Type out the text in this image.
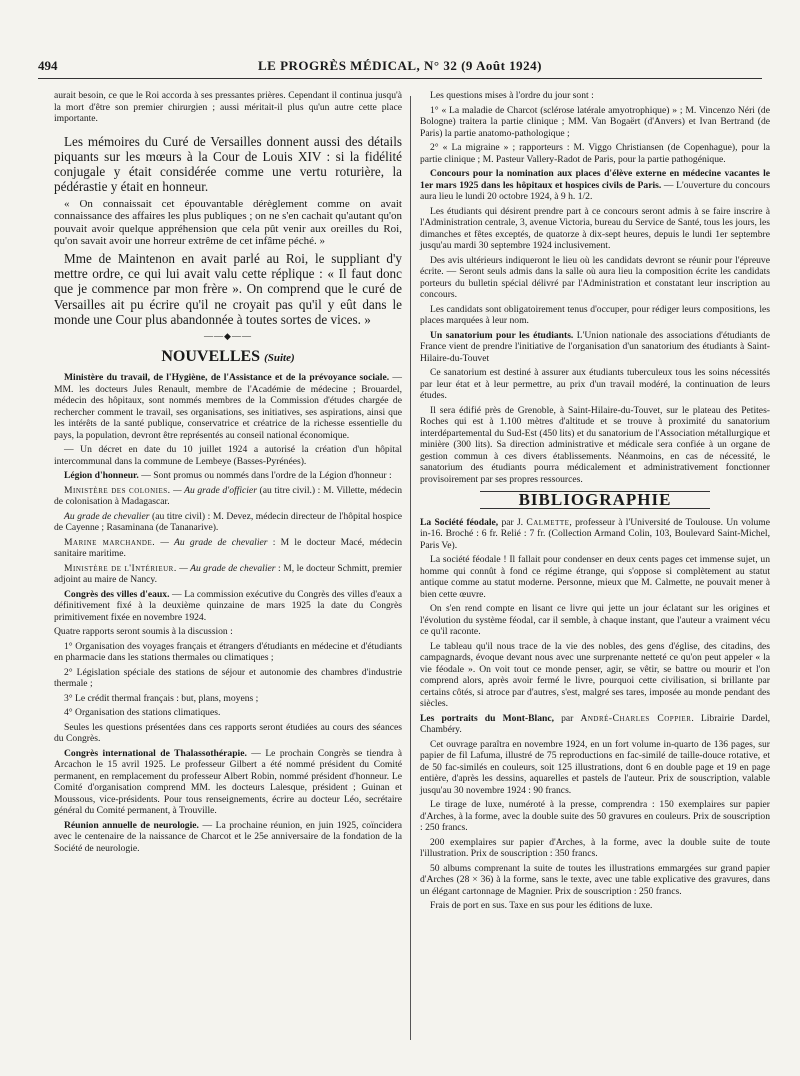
494	LE PROGRÈS MÉDICAL, N° 32 (9 Août 1924)

aurait besoin, ce que le Roi accorda à ses pressantes prières. Cependant il continua jusqu'à la mort d'être son premier chirurgien ; aussi méritait-il plus qu'un autre cette place importante.

Les mémoires du Curé de Versailles donnent aussi des détails piquants sur les mœurs à la Cour de Louis XIV : si la fidélité conjugale y était considérée comme une vertu roturière, la pédérastie y était en honneur.

« On connaissait cet épouvantable dérèglement comme on avait connaissance des affaires les plus publiques ; on ne s'en cachait qu'autant qu'on pouvait avoir quelque appréhension que cela pût venir aux oreilles du Roi, qu'on savait avoir une horreur extrême de cet infâme péché. »

Mme de Maintenon en avait parlé au Roi, le suppliant d'y mettre ordre, ce qui lui avait valu cette réplique : « Il faut donc que je commence par mon frère ». On comprend que le curé de Versailles ait pu écrire qu'il ne croyait pas qu'il y eût dans le monde une Cour plus abandonnée à toutes sortes de vices. »

——◆——
NOUVELLES (Suite)

Ministère du travail, de l'Hygiène, de l'Assistance et de la prévoyance sociale. — MM. les docteurs Jules Renault, membre de l'Académie de médecine ; Brouardel, médecin des hôpitaux, sont nommés membres de la Commission d'études chargée de rechercher comment le travail, ses organisations, ses initiatives, ses aspirations, ainsi que les intérêts de la santé publique, conservatrice et créatrice de la richesse essentielle du pays, la population, devront être représentés au conseil national économique.

— Un décret en date du 10 juillet 1924 a autorisé la création d'un hôpital intercommunal dans la commune de Lembeye (Basses-Pyrénées).

Légion d'honneur. — Sont promus ou nommés dans l'ordre de la Légion d'honneur :

Ministère des colonies. — Au grade d'officier (au titre civil.) : M. Villette, médecin de colonisation à Madagascar.

Au grade de chevalier (au titre civil) : M. Devez, médecin directeur de l'hôpital hospice de Cayenne ; Rasaminana (de Tananarive).

Marine marchande. — Au grade de chevalier : M le docteur Macé, médecin sanitaire maritime.

Ministère de l'Intérieur. — Au grade de chevalier : M, le docteur Schmitt, premier adjoint au maire de Nancy.

Congrès des villes d'eaux. — La commission exécutive du Congrès des villes d'eaux a définitivement fixé à la deuxième quinzaine de mars 1925 la date du Congrès primitivement fixée en novembre 1924.

Quatre rapports seront soumis à la discussion :

1° Organisation des voyages français et étrangers d'étudiants en médecine et d'étudiants en pharmacie dans les stations thermales ou climatiques ;

2° Législation spéciale des stations de séjour et autonomie des chambres d'industrie thermale ;

3° Le crédit thermal français : but, plans, moyens ;

4° Organisation des stations climatiques.

Seules les questions présentées dans ces rapports seront étudiées au cours des séances du Congrès.

Congrès international de Thalassothérapie. — Le prochain Congrès se tiendra à Arcachon le 15 avril 1925. Le professeur Gilbert a été nommé président du Comité permanent, en remplacement du professeur Albert Robin, nommé président d'honneur. Le Comité d'organisation comprend MM. les docteurs Lalesque, président ; Guinan et Moussous, vice-présidents. Pour tous renseignements, écrire au docteur Léo, secrétaire général du Comité permanent, à Trouville.

Réunion annuelle de neurologie. — La prochaine réunion, en juin 1925, coïncidera avec le centenaire de la naissance de Charcot et le 25e anniversaire de la fondation de la Société de neurologie.

Les questions mises à l'ordre du jour sont :

1° « La maladie de Charcot (sclérose latérale amyotrophique) » ; M. Vincenzo Néri (de Bologne) traitera la partie clinique ; MM. Van Bogaërt (d'Anvers) et Ivan Bertrand (de Paris) la partie anatomo-pathologique ;

2° « La migraine » ; rapporteurs : M. Viggo Christiansen (de Copenhague), pour la partie clinique ; M. Pasteur Vallery-Radot de Paris, pour la partie pathogénique.

Concours pour la nomination aux places d'élève externe en médecine vacantes le 1er mars 1925 dans les hôpitaux et hospices civils de Paris. — L'ouverture du concours aura lieu le lundi 20 octobre 1924, à 9 h. 1/2.

Les étudiants qui désirent prendre part à ce concours seront admis à se faire inscrire à l'Administration centrale, 3, avenue Victoria, bureau du Service de Santé, tous les jours, les dimanches et fêtes exceptés, de quatorze à dix-sept heures, depuis le lundi 1er septembre jusqu'au mardi 30 septembre 1924 inclusivement.

Des avis ultérieurs indiqueront le lieu où les candidats devront se réunir pour l'épreuve écrite. — Seront seuls admis dans la salle où aura lieu la composition écrite les candidats porteurs du bulletin spécial délivré par l'Administration et constatant leur inscription au concours.

Les candidats sont obligatoirement tenus d'occuper, pour rédiger leurs compositions, les places marquées à leur nom.

Un sanatorium pour les étudiants. L'Union nationale des associations d'étudiants de France vient de prendre l'initiative de l'organisation d'un sanatorium des étudiants à Saint-Hilaire-du-Touvet

Ce sanatorium est destiné à assurer aux étudiants tuberculeux tous les soins nécessités par leur état et à leur permettre, au prix d'un travail modéré, la continuation de leurs études.

Il sera édifié près de Grenoble, à Saint-Hilaire-du-Touvet, sur le plateau des Petites-Roches qui est à 1.100 mètres d'altitude et se trouve à proximité du sanatorium interdépartemental du Sud-Est (450 lits) et du sanatorium de l'Association métallurgique et minière (300 lits). Sa direction administrative et médicale sera confiée à un organe de gestion commun à ces divers établissements. Néanmoins, en cas de nécessité, le sanatorium des étudiants pourra médicalement et administrativement fonctionner provisoirement par ses propres ressources.

BIBLIOGRAPHIE

La Société féodale, par J. Calmette, professeur à l'Université de Toulouse. Un volume in-16. Broché : 6 fr. Relié : 7 fr. (Collection Armand Colin, 103, Boulevard Saint-Michel, Paris Ve).

La société féodale ! Il fallait pour condenser en deux cents pages cet immense sujet, un homme qui connût à fond ce régime étrange, qui s'oppose si complètement au statut antique comme au statut moderne. Personne, mieux que M. Calmette, ne pouvait mener à bien cette œuvre.

On s'en rend compte en lisant ce livre qui jette un jour éclatant sur les origines et l'évolution du système féodal, car il semble, à chaque instant, que l'auteur a vraiment vécu ce qu'il raconte.

Le tableau qu'il nous trace de la vie des nobles, des gens d'église, des citadins, des campagnards, évoque devant nous avec une surprenante netteté ce qu'on peut appeler « la vie féodale ». On voit tout ce monde penser, agir, se vêtir, se battre ou mourir et l'on comprend alors, après avoir fermé le livre, pourquoi cette civilisation, si brillante par certains côtés, si atroce par d'autres, s'est, malgré ses tares, imposée au monde pendant des siècles.

Les portraits du Mont-Blanc, par André-Charles Coppier. Librairie Dardel, Chambéry.

Cet ouvrage paraîtra en novembre 1924, en un fort volume in-quarto de 136 pages, sur papier de fil Lafuma, illustré de 75 reproductions en fac-similé de taille-douce rotative, et de 50 fac-similés en couleurs, soit 125 illustrations, dont 6 en double page et 19 en page entière, d'après les dessins, aquarelles et pastels de l'auteur. Prix de souscription, valable jusqu'au 30 novembre 1924 : 90 francs.

Le tirage de luxe, numéroté à la presse, comprendra : 150 exemplaires sur papier d'Arches, à la forme, avec la double suite des 50 gravures en couleurs. Prix de souscription : 250 francs.

200 exemplaires sur papier d'Arches, à la forme, avec la double suite de toute l'illustration. Prix de souscription : 350 francs.

50 albums comprenant la suite de toutes les illustrations emmargées sur grand papier d'Arches (28 × 36) à la forme, sans le texte, avec une table explicative des gravures, dans un élégant cartonnage de Magnier. Prix de souscription : 250 francs.

Frais de port en sus. Taxe en sus pour les éditions de luxe.
